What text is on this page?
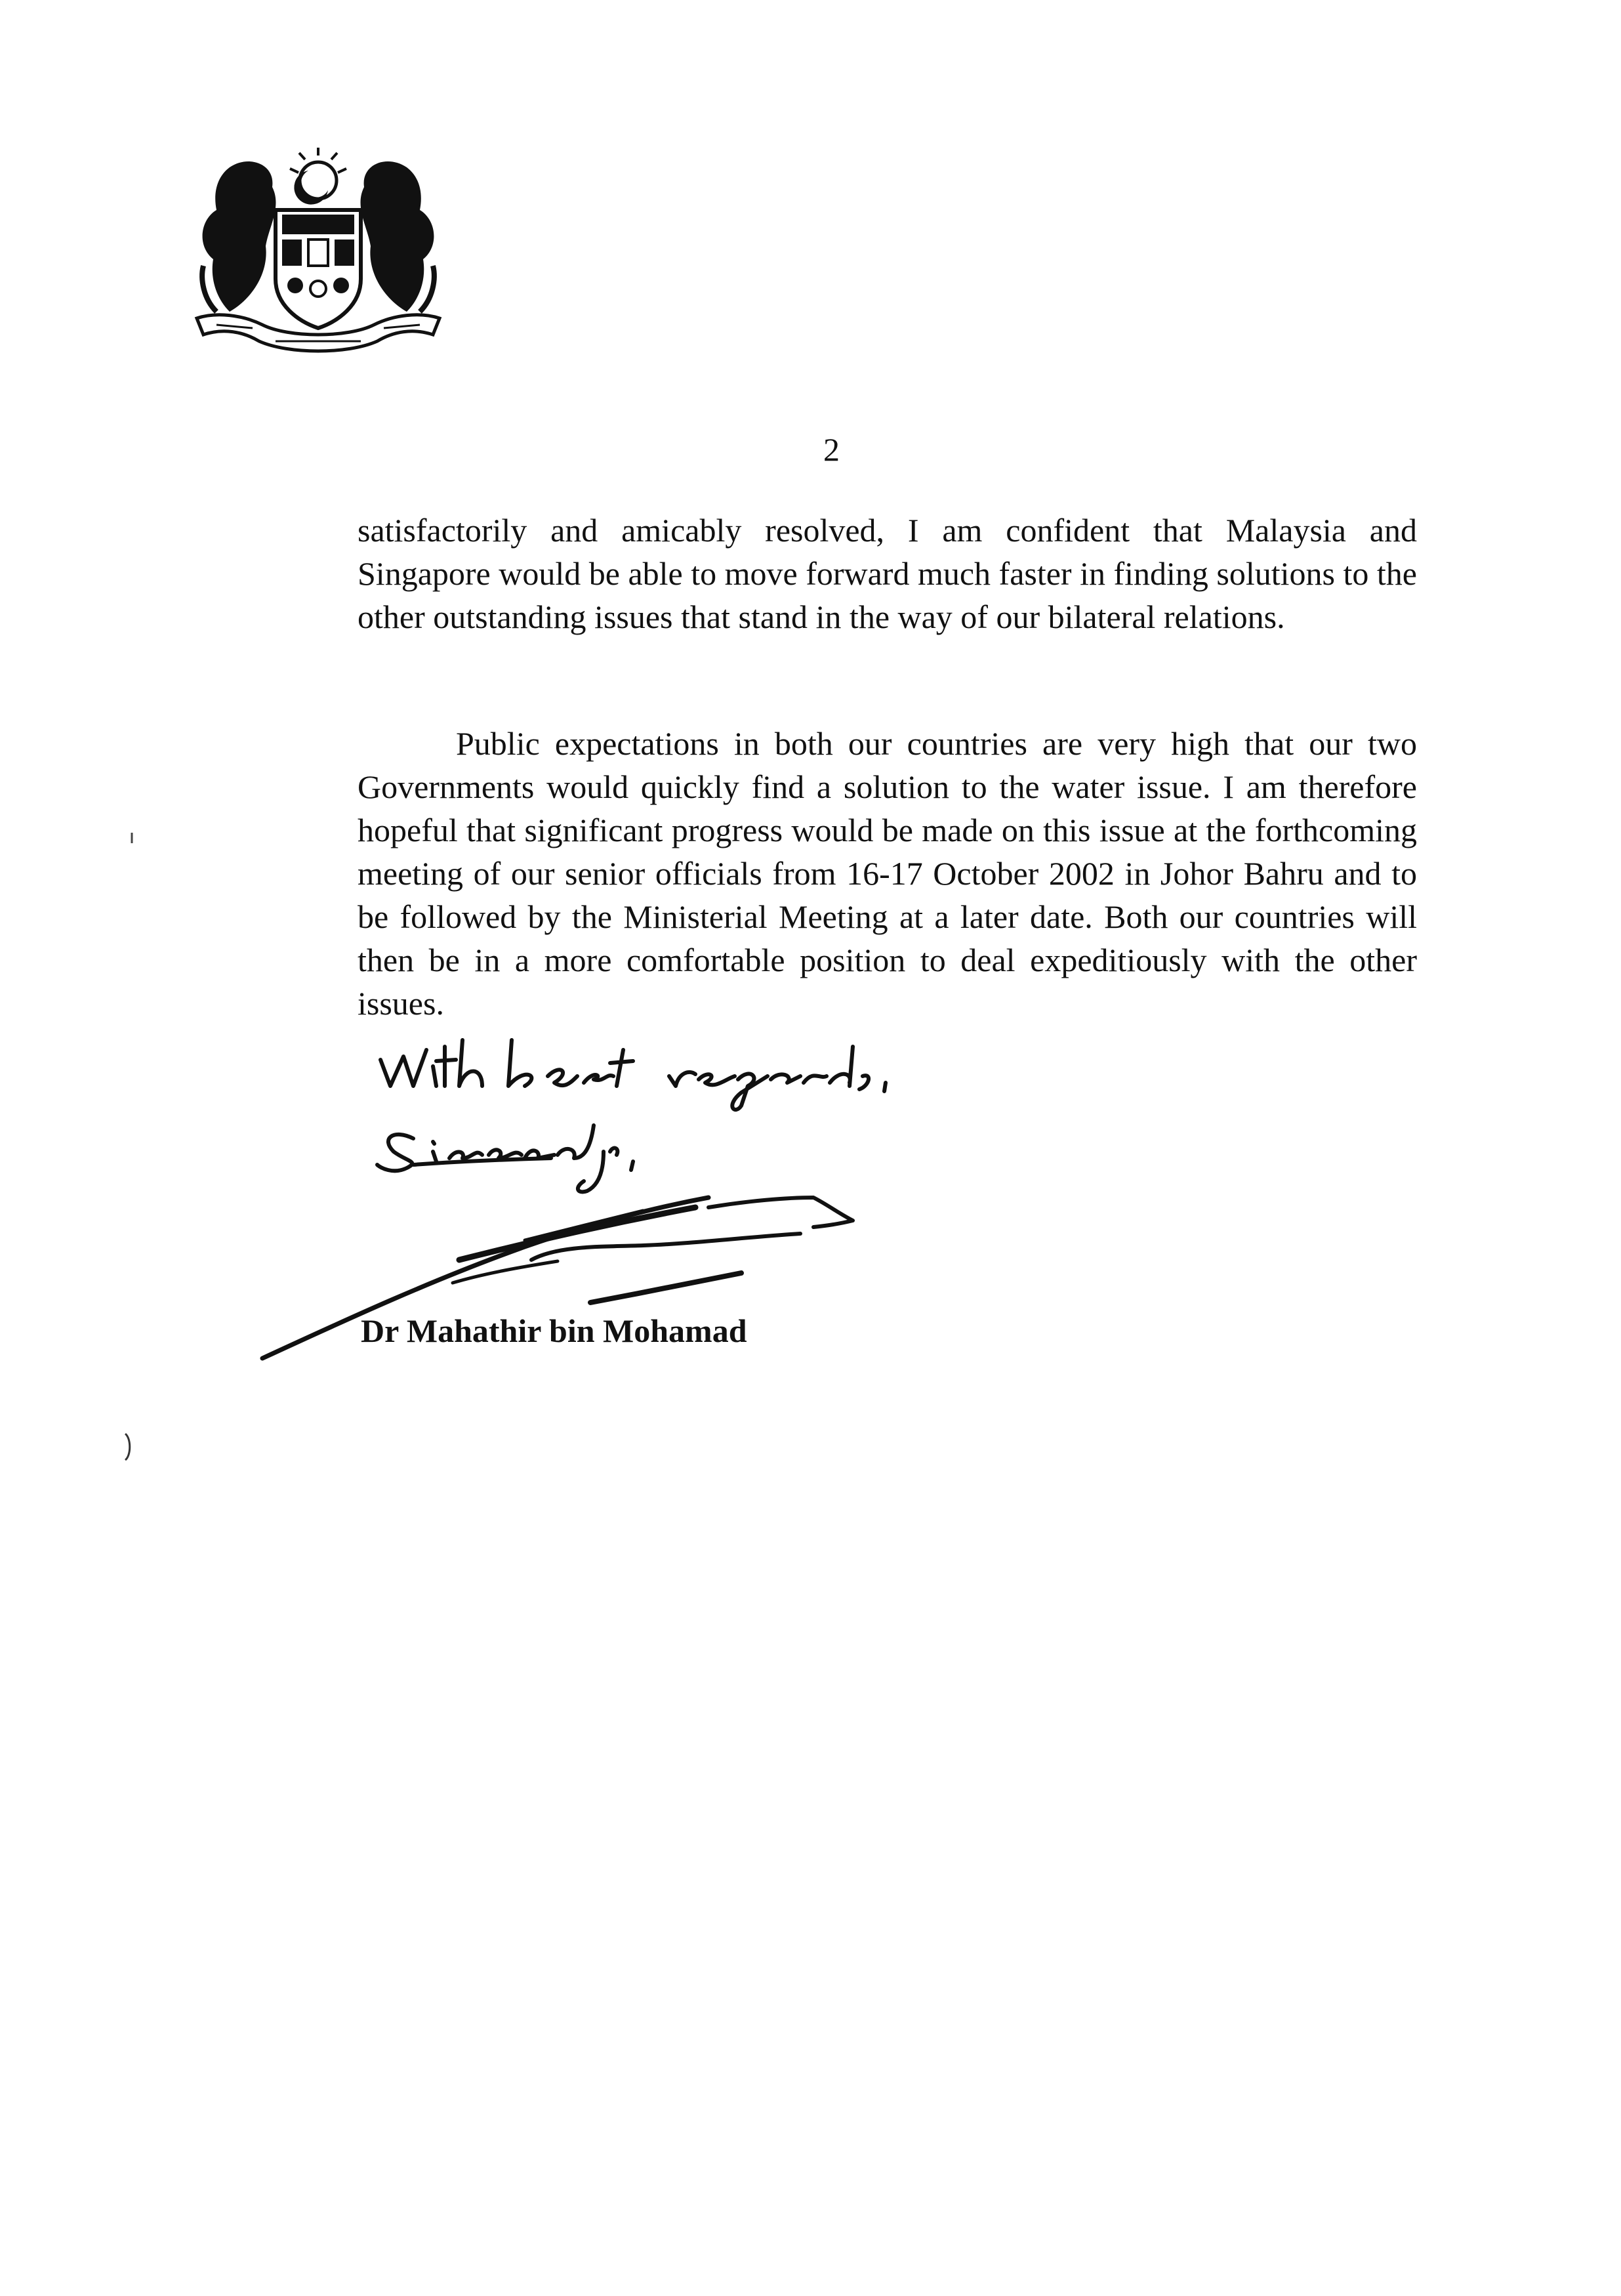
2

satisfactorily and amicably resolved, I am confident that Malaysia and Singapore would be able to move forward much faster in finding solutions to the other outstanding issues that stand in the way of our bilateral relations.

Public expectations in both our countries are very high that our two Governments would quickly find a solution to the water issue. I am therefore hopeful that significant progress would be made on this issue at the forthcoming meeting of our senior officials from 16-17 October 2002 in Johor Bahru and to be followed by the Ministerial Meeting at a later date. Both our countries will then be in a more comfortable position to deal expeditiously with the other issues.

Dr Mahathir bin Mohamad
